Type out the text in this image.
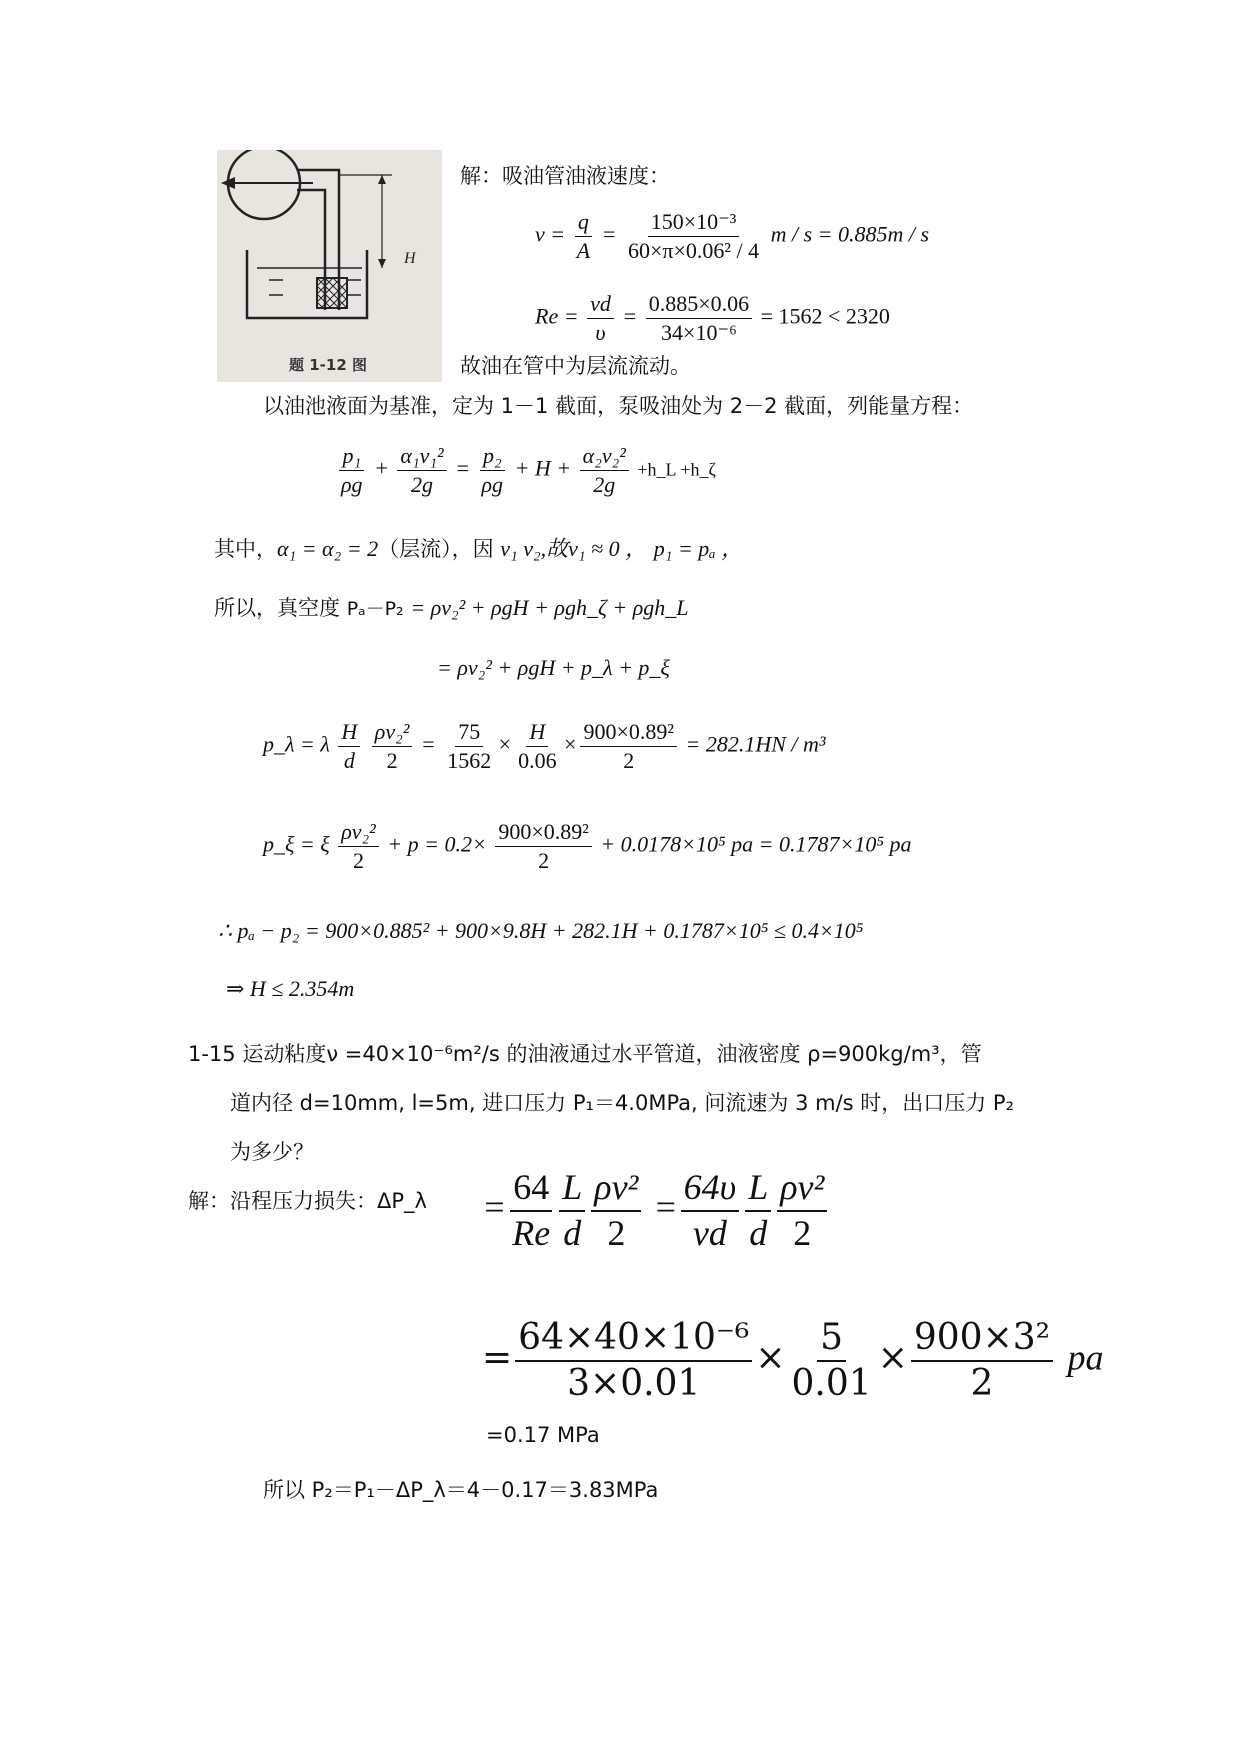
H
题 1-12 图
解：吸油管油液速度：
$v = \frac{q}{A} = \frac{\text{150×10⁻³}}{\text{60×π×0.06² / 4}}$ m / s = 0.885m / s
$Re = \frac{vd}{\upsilon} = \frac{0.885\times 0.06}{\text{34×10⁻⁶}} = 1562 < 2320$
故油在管中为层流流动。
以油池液面为基准，定为 1－1 截面，泵吸油处为 2－2 截面，列能量方程：
$\frac{\text{p₁}}{\rho g} + \frac{\text{α₁v₁²}}{2g} = \frac{\text{p₂}}{\rho g} + H + \frac{\text{α₂v₂²}}{2g}$ +h_L +h_ζ
其中，α₁ = α₂ = 2（层流），因 v₁ v₂,故v₁ ≈ 0 ， p₁ = pₐ ，
所以，真空度 Pₐ－P₂ = ρv₂² + ρgH + ρgh_ζ + ρgh_L
= ρv₂² + ρgH + p_λ + p_ξ
p_λ = λ $\frac{H}{d}$
$\frac{\text{ρv₂²}}{2} = \frac{75}{1562} \times \frac{H}{0.06} \times \frac{\text{900×0.89²}}{2} = 282.1HN / m^3$
p_ξ = ξ $\frac{\text{ρv₂²}}{2} + p = 0.2\times \frac{\text{900×0.89²}}{2} + 0.0178\times 10^5$ pa = 0.1787×10⁵ pa
∴ pₐ − p₂ = 900×0.885² + 900×9.8H + 282.1H + 0.1787×10⁵ ≤ 0.4×10⁵
⇒ H ≤ 2.354m
1-15 运动粘度ν =40×10⁻⁶m²/s 的油液通过水平管道，油液密度 ρ=900kg/m³，管
道内径 d=10mm, l=5m, 进口压力 P₁＝4.0MPa, 问流速为 3 m/s 时，出口压力 P₂
为多少？
解：沿程压力损失：ΔP_λ = $\frac{64}{Re} \frac{L}{d} \frac{\text{ρv²}}{2} = \frac{64\upsilon}{vd} \frac{L}{d} \frac{\text{ρv²}}{2}$
= $\frac{\text{64×40×10⁻⁶}}{3\times 0.01} \times \frac{5}{0.01} \times \frac{\text{900×3²}}{2}$ pa
=0.17 MPa
所以 P₂＝P₁－ΔP_λ＝4－0.17＝3.83MPa
